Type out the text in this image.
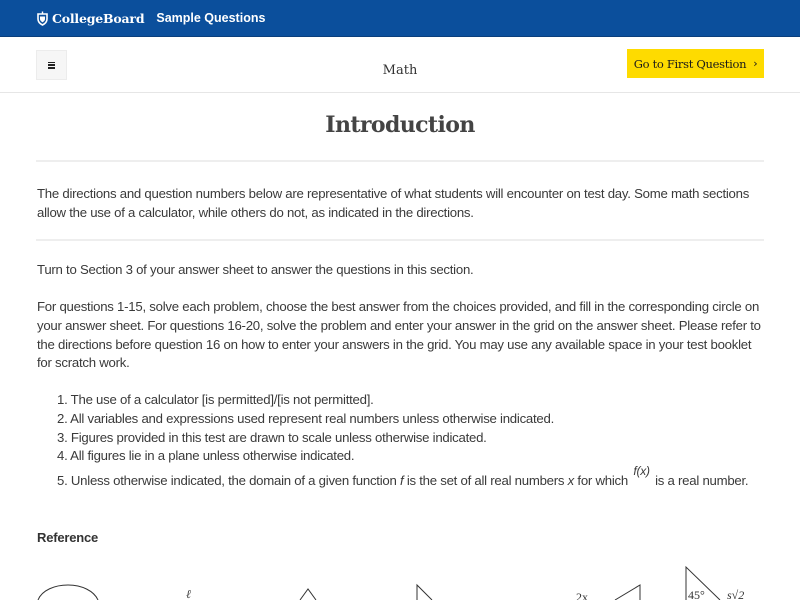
CollegeBoard Sample Questions
Math	Go to First Question ›
Introduction

The directions and question numbers below are representative of what students will encounter on test day. Some math sections allow the use of a calculator, while others do not, as indicated in the directions.

Turn to Section 3 of your answer sheet to answer the questions in this section.

For questions 1-15, solve each problem, choose the best answer from the choices provided, and fill in the corresponding circle on your answer sheet. For questions 16-20, solve the problem and enter your answer in the grid on the answer sheet. Please refer to the directions before question 16 on how to enter your answers in the grid. You may use any available space in your test booklet for scratch work.

1. The use of a calculator [is permitted]/[is not permitted].
2. All variables and expressions used represent real numbers unless otherwise indicated.
3. Figures provided in this test are drawn to scale unless otherwise indicated.
4. All figures lie in a plane unless otherwise indicated.
5. Unless otherwise indicated, the domain of a given function f is the set of all real numbers x for which f(x) is a real number.
Reference
ℓ	2x	45° s√2
